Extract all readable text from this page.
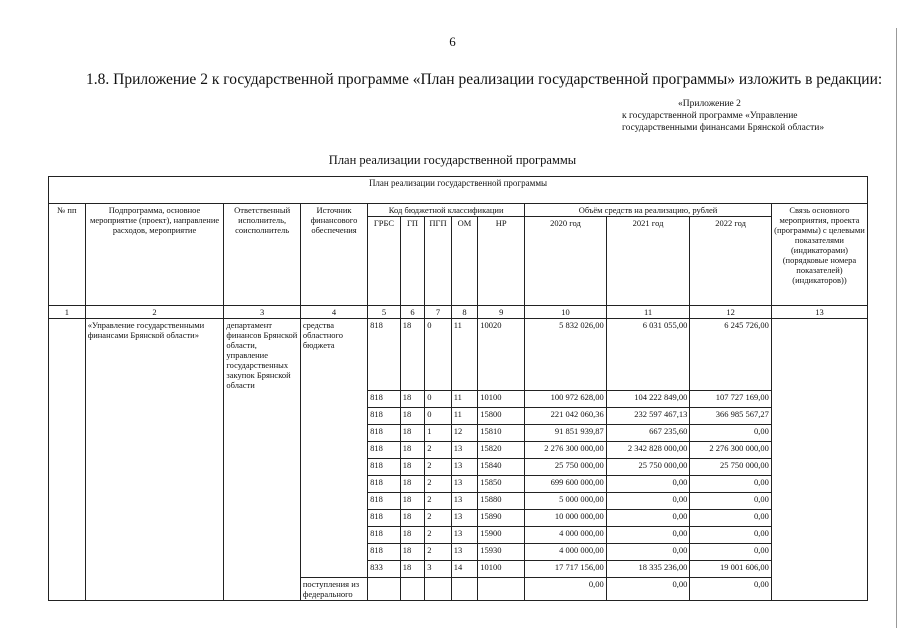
6
1.8. Приложение 2 к государственной программе «План реализации государственной программы» изложить в редакции:
«Приложение 2
к государственной программе «Управление
государственными финансами Брянской области»
План реализации государственной программы
План реализации государственной программы												
№ пп	Подпрограмма, основное мероприятие (проект), направление расходов, мероприятие	Ответственный исполнитель, соисполнитель	Источник финансового обеспечения	Код бюджетной классификации					Объём средств на реализацию, рублей			Связь основного мероприятия, проекта (программы) с целевыми показателями (индикаторами) (порядковые номера показателей) (индикаторов))
				ГРБС	ГП	ПГП	ОМ	НР	2020 год	2021 год	2022 год	
1	2	3	4	5	6	7	8	9	10	11	12	13
	«Управление государственными финансами Брянской области»	департамент финансов Брянской области, управление государственных закупок Брянской области	средства областного бюджета	818	18	0	11	10020	5 832 026,00	6 031 055,00	6 245 726,00	
				818	18	0	11	10100	100 972 628,00	104 222 849,00	107 727 169,00	
				818	18	0	11	15800	221 042 060,36	232 597 467,13	366 985 567,27	
				818	18	1	12	15810	91 851 939,87	667 235,60	0,00	
				818	18	2	13	15820	2 276 300 000,00	2 342 828 000,00	2 276 300 000,00	
				818	18	2	13	15840	25 750 000,00	25 750 000,00	25 750 000,00	
				818	18	2	13	15850	699 600 000,00	0,00	0,00	
				818	18	2	13	15880	5 000 000,00	0,00	0,00	
				818	18	2	13	15890	10 000 000,00	0,00	0,00	
				818	18	2	13	15900	4 000 000,00	0,00	0,00	
				818	18	2	13	15930	4 000 000,00	0,00	0,00	
				833	18	3	14	10100	17 717 156,00	18 335 236,00	19 001 606,00	
			поступления из федерального						0,00	0,00	0,00	
